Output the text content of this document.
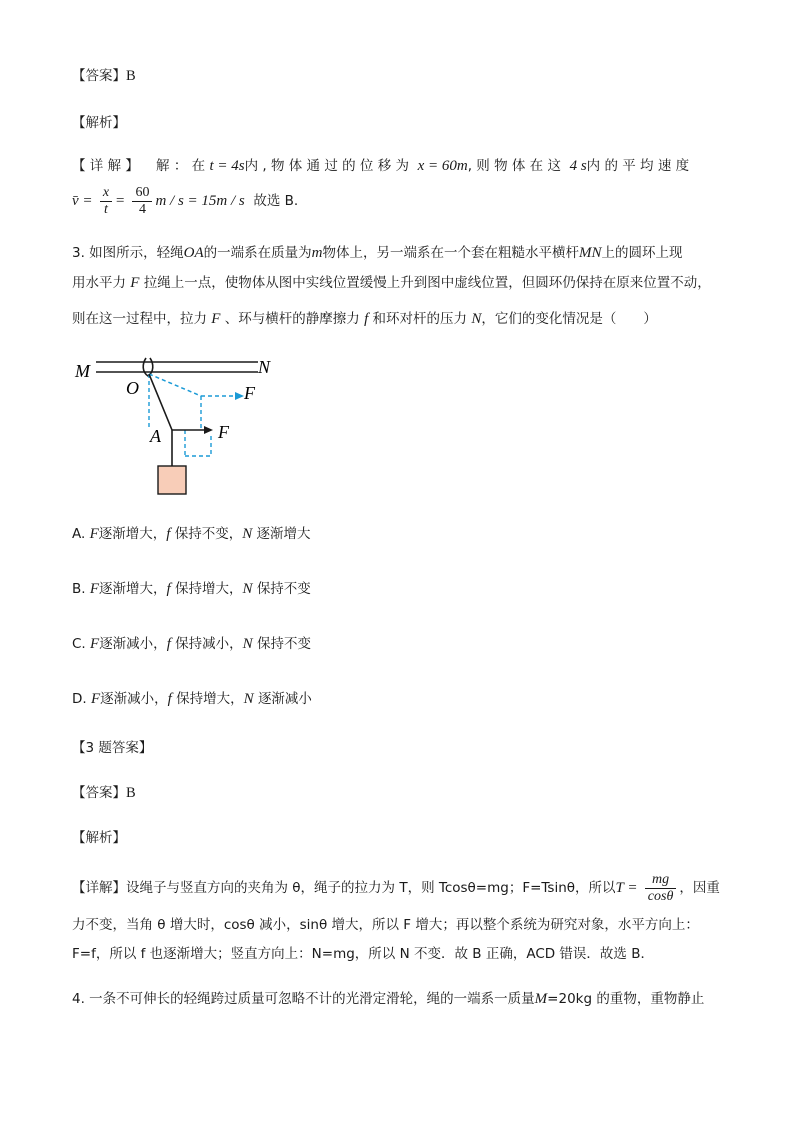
【答案】B
【解析】
【 详 解 】 解 ： 在 t = 4s内 , 物 体 通 过 的 位 移 为 x = 60m, 则 物 体 在 这 4 s内 的 平 均 速 度
v̄ = $\frac{x}{t} = \frac{60}{4}$ m / s = 15m / s 故选 B.
3. 如图所示，轻绳OA的一端系在质量为m物体上，另一端系在一个套在粗糙水平横杆MN上的圆环上现
用水平力 F 拉绳上一点，使物体从图中实线位置缓慢上升到图中虚线位置，但圆环仍保持在原来位置不动，
则在这一过程中，拉力 F 、环与横杆的静摩擦力 f 和环对杆的压力 N，它们的变化情况是（　　）
M	N
O
A
F
F
A. F逐渐增大，f 保持不变，N 逐渐增大
B. F逐渐增大，f 保持增大，N 保持不变
C. F逐渐减小，f 保持减小，N 保持不变
D. F逐渐减小，f 保持增大，N 逐渐减小
【3 题答案】
【答案】B
【解析】
【详解】设绳子与竖直方向的夹角为 θ，绳子的拉力为 T，则 Tcosθ=mg；F=Tsinθ，所以$T = \frac{mg}{\cos\theta}$ ，因重
力不变，当角 θ 增大时，cosθ 减小，sinθ 增大，所以 F 增大；再以整个系统为研究对象，水平方向上：
F=f，所以 f 也逐渐增大；竖直方向上：N=mg，所以 N 不变．故 B 正确，ACD 错误．故选 B．
4. 一条不可伸长的轻绳跨过质量可忽略不计的光滑定滑轮，绳的一端系一质量M=20kg 的重物，重物静止
